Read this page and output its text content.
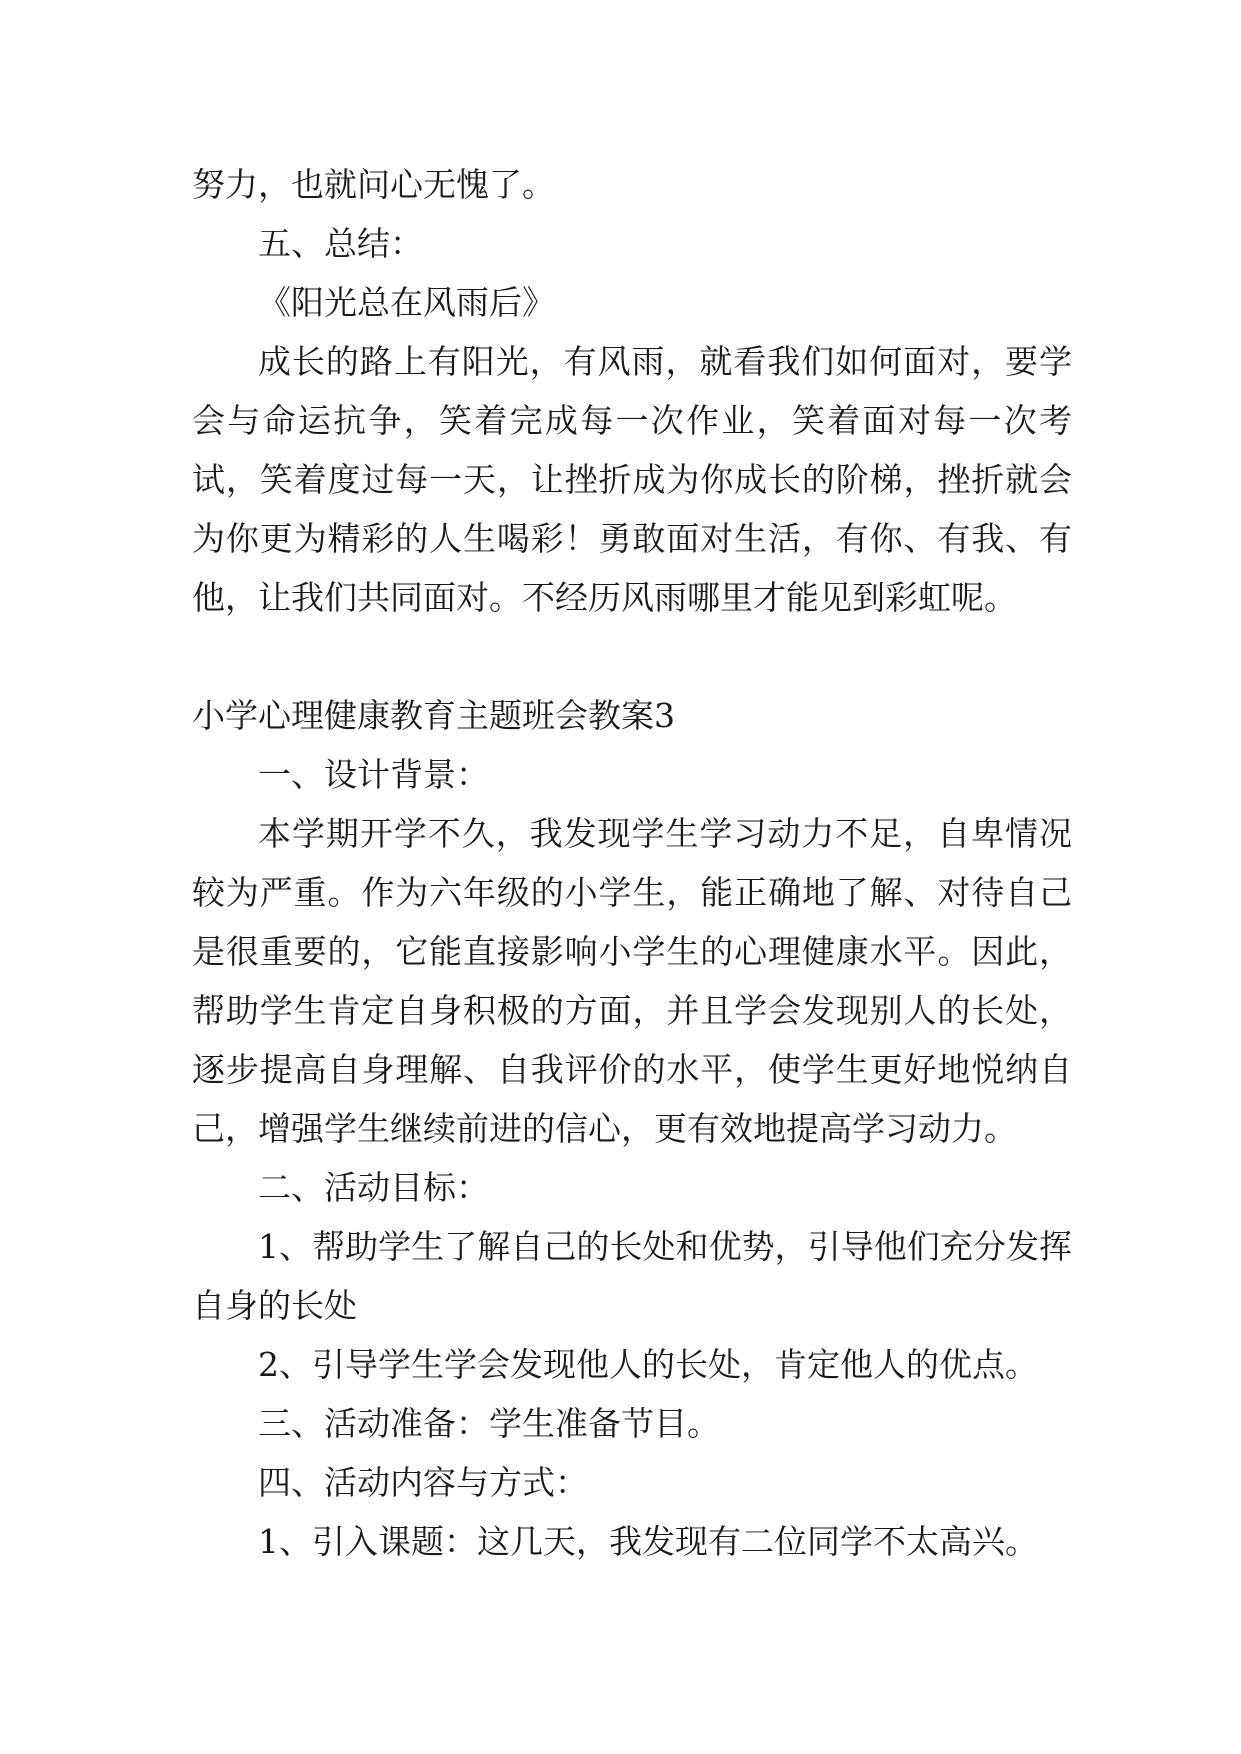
努力，也就问心无愧了。

五、总结：

《阳光总在风雨后》

成长的路上有阳光，有风雨，就看我们如何面对，要学会与命运抗争，笑着完成每一次作业，笑着面对每一次考试，笑着度过每一天，让挫折成为你成长的阶梯，挫折就会为你更为精彩的人生喝彩！勇敢面对生活，有你、有我、有他，让我们共同面对。不经历风雨哪里才能见到彩虹呢。

小学心理健康教育主题班会教案3

一、设计背景：

本学期开学不久，我发现学生学习动力不足，自卑情况较为严重。作为六年级的小学生，能正确地了解、对待自己是很重要的，它能直接影响小学生的心理健康水平。因此，帮助学生肯定自身积极的方面，并且学会发现别人的长处，逐步提高自身理解、自我评价的水平，使学生更好地悦纳自己，增强学生继续前进的信心，更有效地提高学习动力。

二、活动目标：

1、帮助学生了解自己的长处和优势，引导他们充分发挥自身的长处

2、引导学生学会发现他人的长处，肯定他人的优点。

三、活动准备：学生准备节目。

四、活动内容与方式：

1、引入课题：这几天，我发现有二位同学不太高兴。
